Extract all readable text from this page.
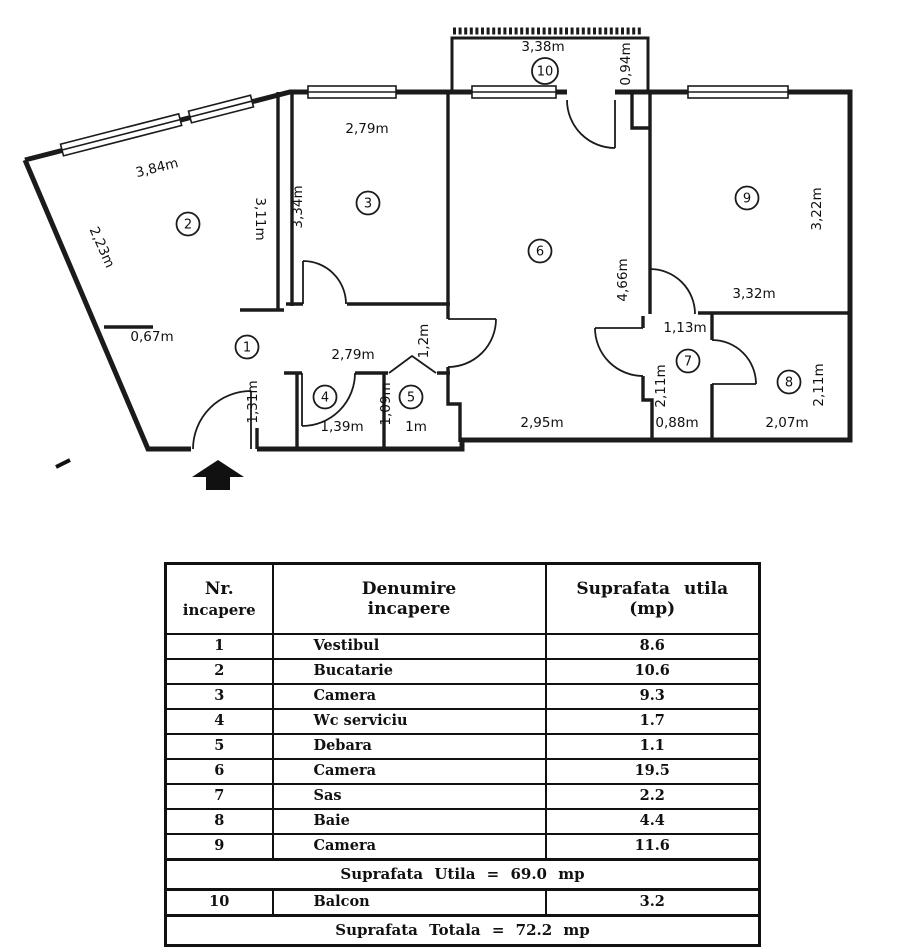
3,38m	0,94m
3,84m
2,23m
3,11m
0,67m
2,79m
3,34m
4,66m
2,95m
1,2m
2,79m
1,31m
1,39m
1,09m
1m
3,22m
3,32m
1,13m
2,11m
0,88m
2,11m
2,07m
1
2
3
4	5
6
7
8
9
10
Nr.
incapere

Denumire
incapere

Suprafata utila
(mp)

1	Vestibul	8.6
2	Bucatarie	10.6
3	Camera	9.3
4	Wc serviciu	1.7
5	Debara	1.1
6	Camera	19.5
7	Sas	2.2
8	Baie	4.4
9	Camera	11.6
Suprafata Utila = 69.0 mp		
10	Balcon	3.2
Suprafata Totala = 72.2 mp		
